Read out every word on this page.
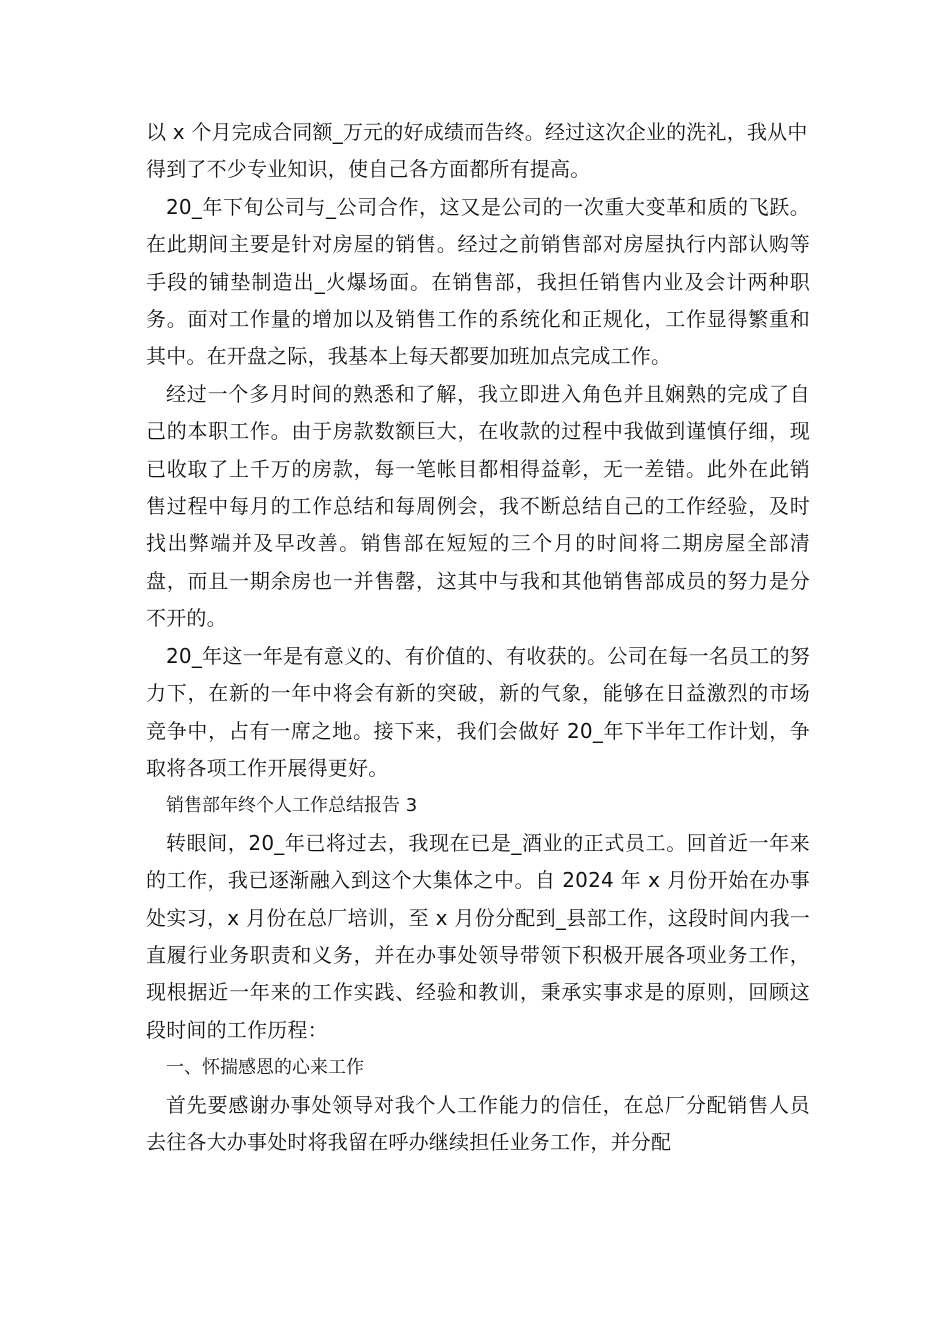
以 x 个月完成合同额_万元的好成绩而告终。经过这次企业的洗礼，我从中得到了不少专业知识，使自己各方面都所有提高。

20_年下旬公司与_公司合作，这又是公司的一次重大变革和质的飞跃。在此期间主要是针对房屋的销售。经过之前销售部对房屋执行内部认购等手段的铺垫制造出_火爆场面。在销售部，我担任销售内业及会计两种职务。面对工作量的增加以及销售工作的系统化和正规化，工作显得繁重和其中。在开盘之际，我基本上每天都要加班加点完成工作。

经过一个多月时间的熟悉和了解，我立即进入角色并且娴熟的完成了自己的本职工作。由于房款数额巨大，在收款的过程中我做到谨慎仔细，现已收取了上千万的房款，每一笔帐目都相得益彰，无一差错。此外在此销售过程中每月的工作总结和每周例会，我不断总结自己的工作经验，及时找出弊端并及早改善。销售部在短短的三个月的时间将二期房屋全部清盘，而且一期余房也一并售罄，这其中与我和其他销售部成员的努力是分不开的。

20_年这一年是有意义的、有价值的、有收获的。公司在每一名员工的努力下，在新的一年中将会有新的突破，新的气象，能够在日益激烈的市场竞争中，占有一席之地。接下来，我们会做好 20_年下半年工作计划，争取将各项工作开展得更好。

销售部年终个人工作总结报告 3

转眼间，20_年已将过去，我现在已是_酒业的正式员工。回首近一年来的工作，我已逐渐融入到这个大集体之中。自 2024 年 x 月份开始在办事处实习，x 月份在总厂培训，至 x 月份分配到_县部工作，这段时间内我一直履行业务职责和义务，并在办事处领导带领下积极开展各项业务工作，现根据近一年来的工作实践、经验和教训，秉承实事求是的原则，回顾这段时间的工作历程：

一、怀揣感恩的心来工作

首先要感谢办事处领导对我个人工作能力的信任，在总厂分配销售人员去往各大办事处时将我留在呼办继续担任业务工作，并分配
